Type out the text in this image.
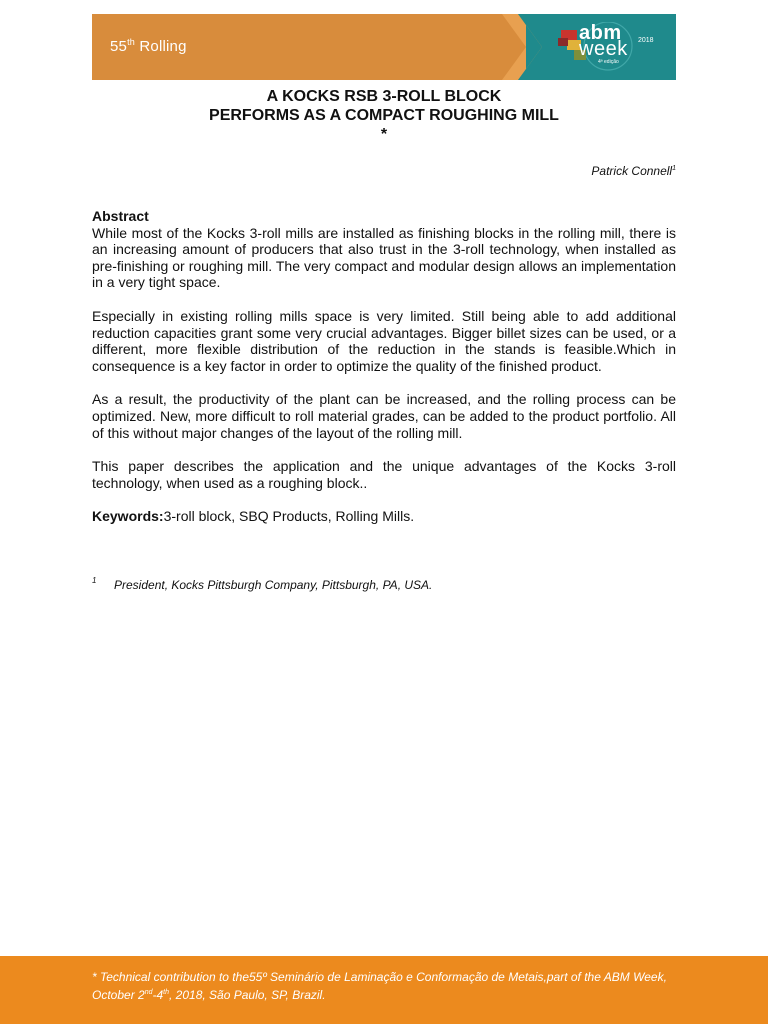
55th Rolling
abm
week 2018
4ª edição
A KOCKS RSB 3-ROLL BLOCK
PERFORMS AS A COMPACT ROUGHING MILL
*
Patrick Connell$^1$
Abstract

While most of the Kocks 3-roll mills are installed as finishing blocks in the rolling mill, there is an increasing amount of producers that also trust in the 3-roll technology, when installed as pre-finishing or roughing mill. The very compact and modular design allows an implementation in a very tight space.

Especially in existing rolling mills space is very limited. Still being able to add additional reduction capacities grant some very crucial advantages. Bigger billet sizes can be used, or a different, more flexible distribution of the reduction in the stands is feasible.Which in consequence is a key factor in order to optimize the quality of the finished product.

As a result, the productivity of the plant can be increased, and the rolling process can be optimized. New, more difficult to roll material grades, can be added to the product portfolio. All of this without major changes of the layout of the rolling mill.

This paper describes the application and the unique advantages of the Kocks 3-roll technology, when used as a roughing block..

Keywords:3-roll block, SBQ Products, Rolling Mills.

1 President, Kocks Pittsburgh Company, Pittsburgh, PA, USA.
* Technical contribution to the55º Seminário de Laminação e Conformação de Metais,part of the ABM Week, October 2nd-4th, 2018, São Paulo, SP, Brazil.
